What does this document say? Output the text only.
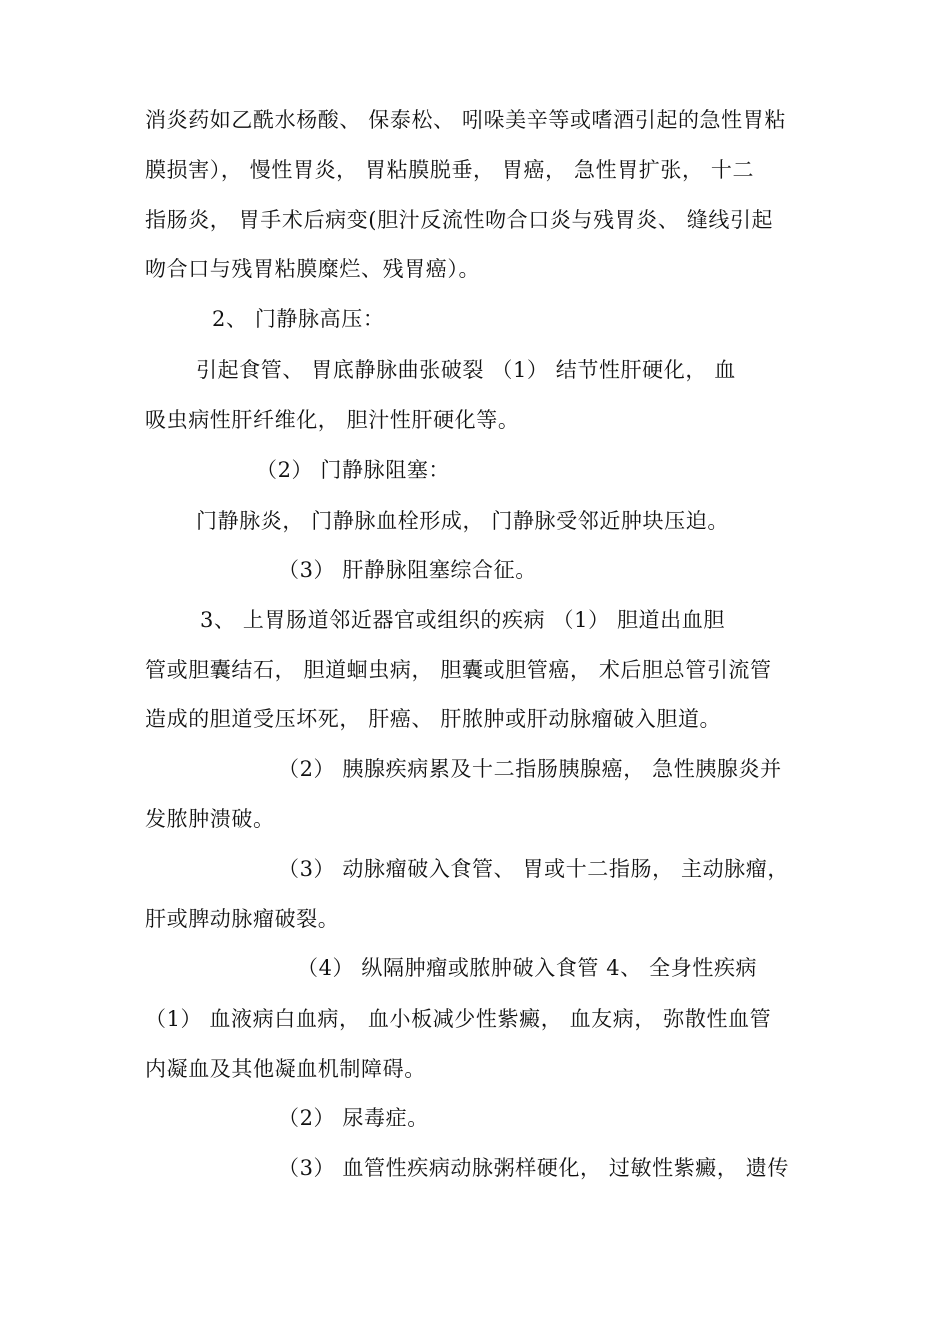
消炎药如乙酰水杨酸、 保泰松、 吲哚美辛等或嗜酒引起的急性胃粘
膜损害）， 慢性胃炎， 胃粘膜脱垂， 胃癌， 急性胃扩张， 十二
指肠炎， 胃手术后病变(胆汁反流性吻合口炎与残胃炎、 缝线引起
吻合口与残胃粘膜糜烂、残胃癌）。
2、 门静脉高压：
引起食管、 胃底静脉曲张破裂 （1） 结节性肝硬化， 血
吸虫病性肝纤维化， 胆汁性肝硬化等。
（2） 门静脉阻塞：
门静脉炎， 门静脉血栓形成， 门静脉受邻近肿块压迫。
（3） 肝静脉阻塞综合征。
3、 上胃肠道邻近器官或组织的疾病 （1） 胆道出血胆
管或胆囊结石， 胆道蛔虫病， 胆囊或胆管癌， 术后胆总管引流管
造成的胆道受压坏死， 肝癌、 肝脓肿或肝动脉瘤破入胆道。
（2） 胰腺疾病累及十二指肠胰腺癌， 急性胰腺炎并
发脓肿溃破。
（3） 动脉瘤破入食管、 胃或十二指肠， 主动脉瘤，
肝或脾动脉瘤破裂。
（4） 纵隔肿瘤或脓肿破入食管 4、 全身性疾病
（1） 血液病白血病， 血小板减少性紫癜， 血友病， 弥散性血管
内凝血及其他凝血机制障碍。
（2） 尿毒症。
（3） 血管性疾病动脉粥样硬化， 过敏性紫癜， 遗传
